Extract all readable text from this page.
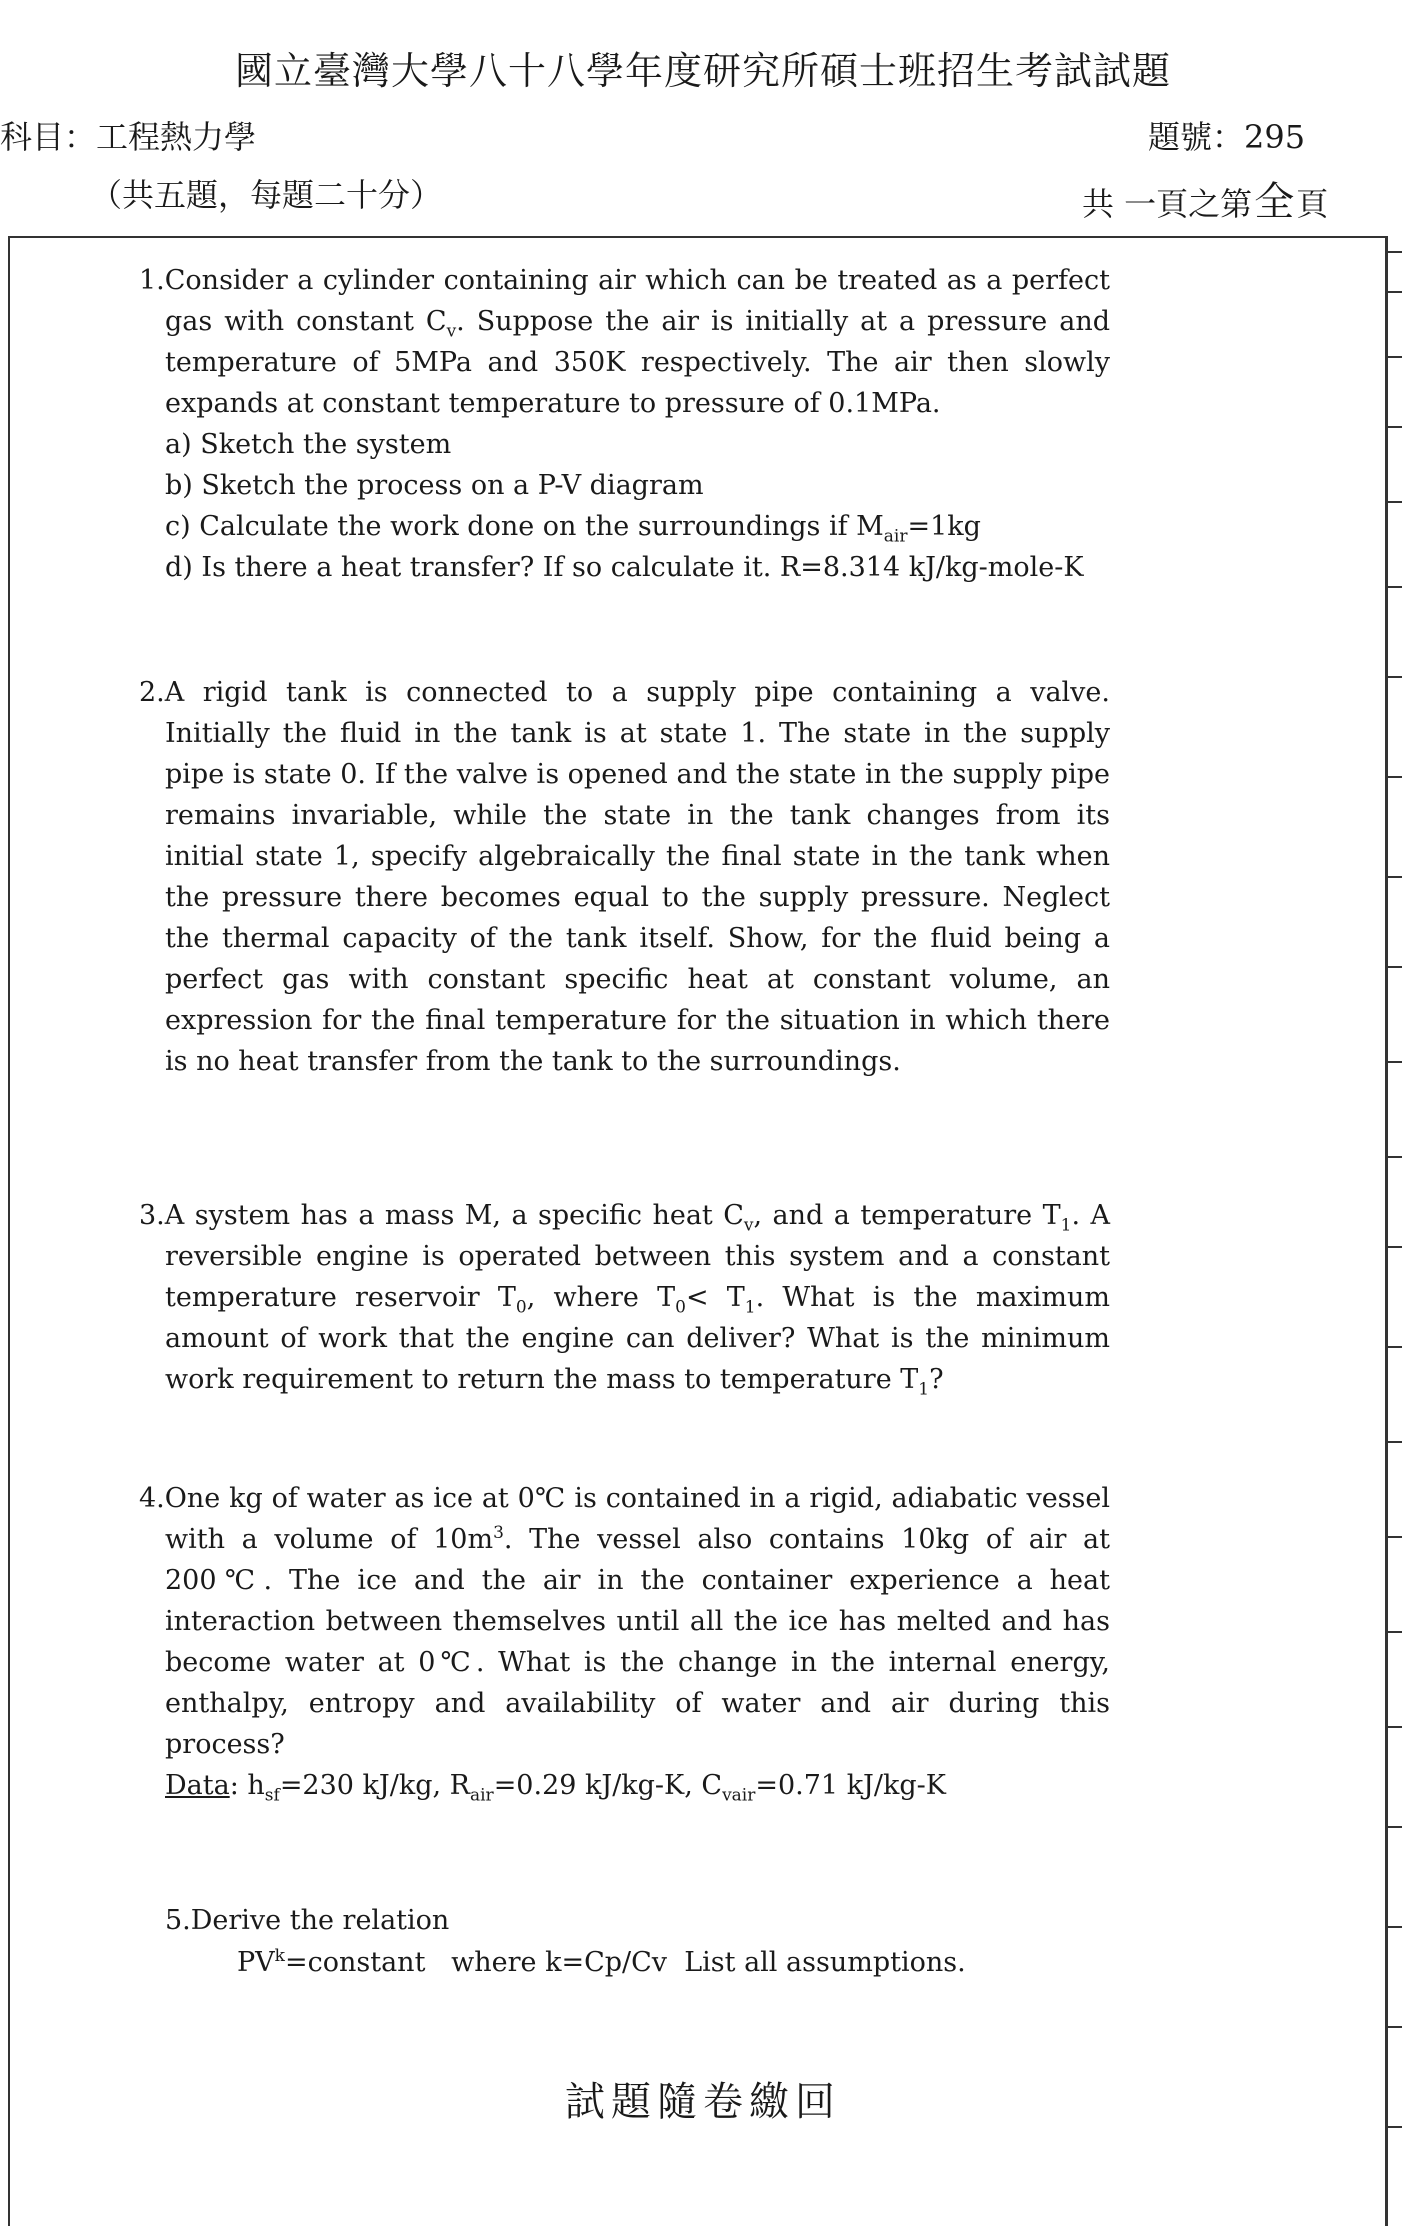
國立臺灣大學八十八學年度研究所碩士班招生考試試題
科目：工程熱力學	題號：295
（共五題，每題二十分）	共 一頁之第全頁

1.Consider a cylinder containing air which can be treated as a perfect gas with constant $C_v$. Suppose the air is initially at a pressure and temperature of 5MPa and 350K respectively. The air then slowly expands at constant temperature to pressure of 0.1MPa.

a) Sketch the system

b) Sketch the process on a P-V diagram

c) Calculate the work done on the surroundings if $M_{air}=1kg$

d) Is there a heat transfer? If so calculate it. R=8.314 kJ/kg-mole-K

2.A rigid tank is connected to a supply pipe containing a valve. Initially the fluid in the tank is at state 1. The state in the supply pipe is state 0. If the valve is opened and the state in the supply pipe remains invariable, while the state in the tank changes from its initial state 1, specify algebraically the final state in the tank when the pressure there becomes equal to the supply pressure. Neglect the thermal capacity of the tank itself. Show, for the fluid being a perfect gas with constant specific heat at constant volume, an expression for the final temperature for the situation in which there is no heat transfer from the tank to the surroundings.

3.A system has a mass M, a specific heat $C_v$, and a temperature $T_1$. A reversible engine is operated between this system and a constant temperature reservoir $T_0$, where $T_0< T_1$. What is the maximum amount of work that the engine can deliver? What is the minimum work requirement to return the mass to temperature $T_1$?

4.One kg of water as ice at 0℃ is contained in a rigid, adiabatic vessel with a volume of $10m^3$. The vessel also contains 10kg of air at 200℃. The ice and the air in the container experience a heat interaction between themselves until all the ice has melted and has become water at 0℃. What is the change in the internal energy, enthalpy, entropy and availability of water and air during this process?

Data: $h_{sf}=230$ kJ/kg, $R_{air}=0.29$ kJ/kg-K, $C_{vair}=0.71$ kJ/kg-K

5.Derive the relation
$PV^k=constant$   where k=Cp/Cv  List all assumptions.
試題隨卷繳回
